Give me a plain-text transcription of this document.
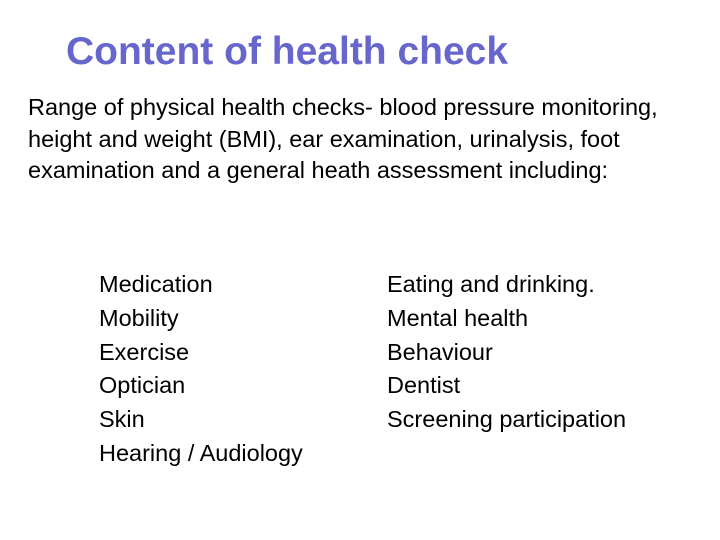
Content of health check
Range of physical health checks- blood pressure monitoring, height and weight (BMI), ear examination, urinalysis, foot examination and a general heath assessment including:
Medication
Mobility
Exercise
Optician
Skin
Hearing / Audiology
Eating and drinking.
Mental health
Behaviour
Dentist
Screening participation
